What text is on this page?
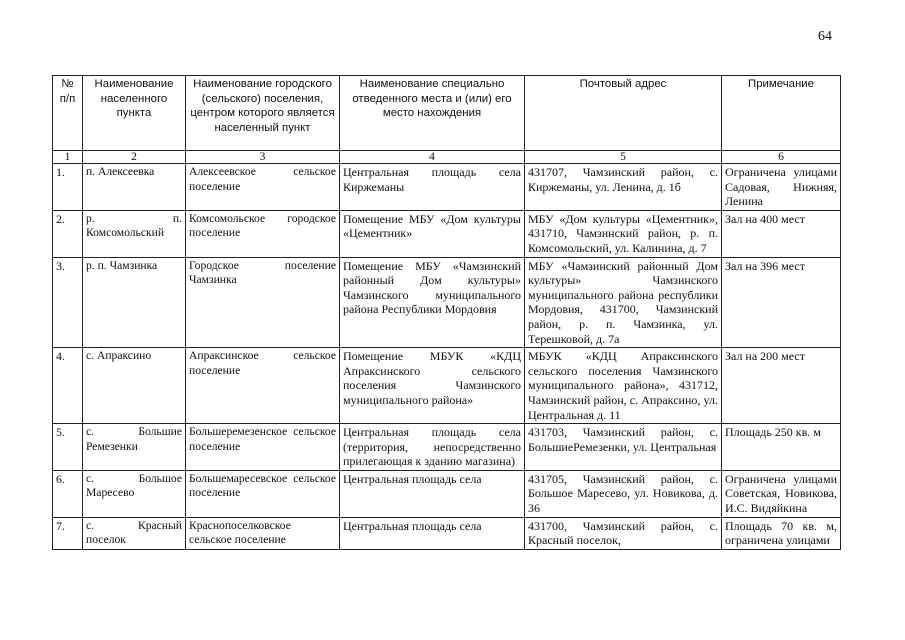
64
№ п/п	Наименование населенного пункта	Наименование городского (сельского) поселения, центром которого является населенный пункт	Наименование специально отведенного места и (или) его место нахождения	Почтовый адрес	Примечание
1	2	3	4	5	6
1.	п. Алексеевка	Алексеевское сельское поселение	Центральная площадь села Киржеманы	431707, Чамзинский район, с. Киржеманы, ул. Ленина, д. 1б	Ограничена улицами Садовая, Нижняя, Ленина
2.	р. п. Комсомольский	Комсомольское городское поселение	Помещение МБУ «Дом культуры «Цементник»	МБУ «Дом культуры «Цементник», 431710, Чамзинский район, р. п. Комсомольский, ул. Калинина, д. 7	Зал на 400 мест
3.	р. п. Чамзинка	Городское поселение Чамзинка	Помещение МБУ «Чамзинский районный Дом культуры» Чамзинского муниципального района Республики Мордовия	МБУ «Чамзинский районный Дом культуры» Чамзинского муниципального района республики Мордовия, 431700, Чамзинский район, р. п. Чамзинка, ул. Терешковой, д. 7а	Зал на 396 мест
4.	с. Апраксино	Апраксинское сельское поселение	Помещение МБУК «КДЦ Апраксинского сельского поселения Чамзинского муниципального района»	МБУК «КДЦ Апраксинского сельского поселения Чамзинского муниципального района», 431712, Чамзинский район, с. Апраксино, ул. Центральная д. 11	Зал на 200 мест
5.	с. Большие Ремезенки	Большеремезенское сельское поселение	Центральная площадь села (территория, непосредственно прилегающая к зданию магазина)	431703, Чамзинский район, с. БольшиеРемезенки, ул. Центральная	Площадь 250 кв. м
6.	с. Большое Маресево	Большемаресевское сельское поселение	Центральная площадь села	431705, Чамзинский район, с. Большое Маресево, ул. Новикова, д. 36	Ограничена улицами Советская, Новикова, И.С. Видяйкина
7.	с. Красный поселок	Краснопоселковское сельское поселение	Центральная площадь села	431700, Чамзинский район, с. Красный поселок,	Площадь 70 кв. м, ограничена улицами
